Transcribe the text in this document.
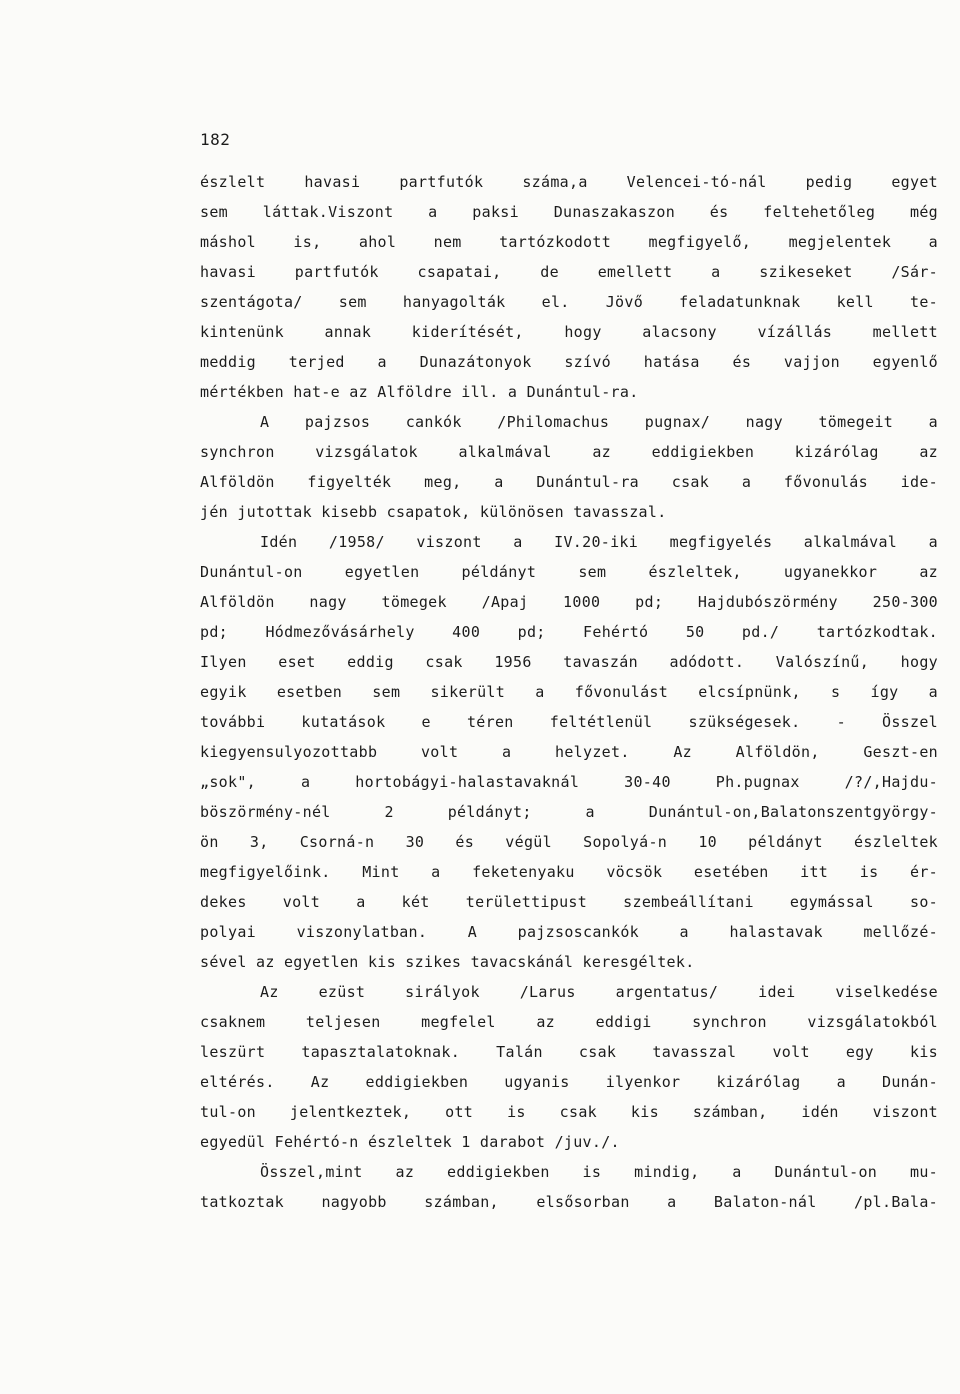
182
észlelt havasi partfutók száma,a Velencei-tó-nál pedig egyet
sem láttak.Viszont a paksi Dunaszakaszon és feltehetőleg még
máshol is, ahol nem tartózkodott megfigyelő, megjelentek a
havasi partfutók csapatai, de emellett a szikeseket /Sár-
szentágota/ sem hanyagolták el. Jövő feladatunknak kell te-
kintenünk annak kiderítését, hogy alacsony vízállás mellett
meddig terjed a Dunazátonyok szívó hatása és vajjon egyenlő
mértékben hat-e az Alföldre ill. a Dunántul-ra.
A pajzsos cankók /Philomachus pugnax/ nagy tömegeit a
synchron vizsgálatok alkalmával az eddigiekben kizárólag az
Alföldön figyelték meg, a Dunántul-ra csak a fővonulás ide-
jén jutottak kisebb csapatok, különösen tavasszal.
Idén /1958/ viszont a IV.20-iki megfigyelés alkalmával a
Dunántul-on egyetlen példányt sem észleltek, ugyanekkor az
Alföldön nagy tömegek /Apaj 1000 pd; Hajdubószörmény 250-300
pd; Hódmezővásárhely 400 pd; Fehértó 50 pd./ tartózkodtak.
Ilyen eset eddig csak 1956 tavaszán adódott. Valószínű, hogy
egyik esetben sem sikerült a fővonulást elcsípnünk, s így a
további kutatások e téren feltétlenül szükségesek. - Összel
kiegyensulyozottabb volt a helyzet. Az Alföldön, Geszt-en
„sok", a hortobágyi-halastavaknál 30-40 Ph.pugnax /?/,Hajdu-
böszörmény-nél 2 példányt; a Dunántul-on,Balatonszentgyörgy-
ön 3, Csorná-n 30 és végül Sopolyá-n 10 példányt észleltek
megfigyelőink. Mint a feketenyaku vöcsök esetében itt is ér-
dekes volt a két területtipust szembeállítani egymással so-
polyai viszonylatban. A pajzsoscankók a halastavak mellőzé-
sével az egyetlen kis szikes tavacskánál keresgéltek.
Az ezüst sirályok /Larus argentatus/ idei viselkedése
csaknem teljesen megfelel az eddigi synchron vizsgálatokból
leszürt tapasztalatoknak. Talán csak tavasszal volt egy kis
eltérés. Az eddigiekben ugyanis ilyenkor kizárólag a Dunán-
tul-on jelentkeztek, ott is csak kis számban, idén viszont
egyedül Fehértó-n észleltek 1 darabot /juv./.
Összel,mint az eddigiekben is mindig, a Dunántul-on mu-
tatkoztak nagyobb számban, elsősorban a Balaton-nál /pl.Bala-
